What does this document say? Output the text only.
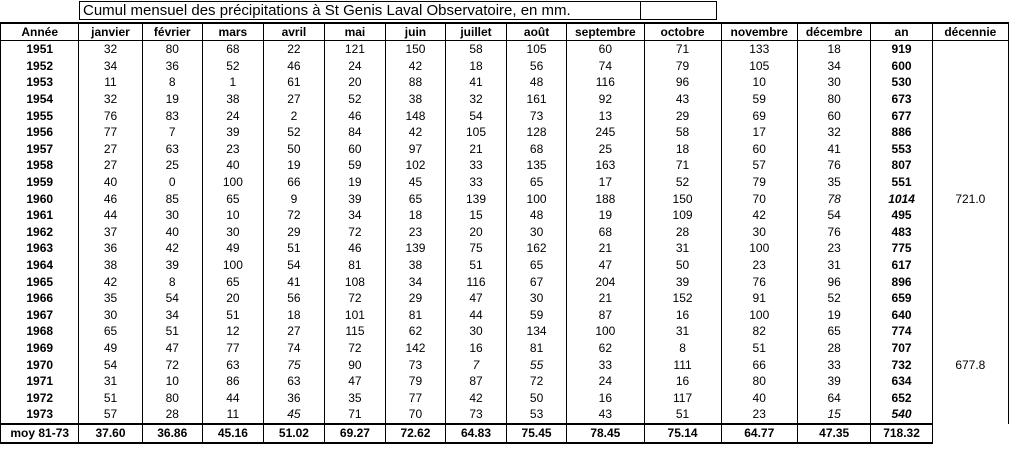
Cumul mensuel des précipitations à St Genis Laval Observatoire, en mm.
Année	janvier	février	mars	avril	mai	juin	juillet	août	septembre	octobre	novembre	décembre	an	décennie
1951	32	80	68	22	121	150	58	105	60	71	133	18	919	
1952	34	36	52	46	24	42	18	56	74	79	105	34	600	
1953	11	8	1	61	20	88	41	48	116	96	10	30	530	
1954	32	19	38	27	52	38	32	161	92	43	59	80	673	
1955	76	83	24	2	46	148	54	73	13	29	69	60	677	
1956	77	7	39	52	84	42	105	128	245	58	17	32	886	
1957	27	63	23	50	60	97	21	68	25	18	60	41	553	
1958	27	25	40	19	59	102	33	135	163	71	57	76	807	
1959	40	0	100	66	19	45	33	65	17	52	79	35	551	
1960	46	85	65	9	39	65	139	100	188	150	70	78	1014	721.0
1961	44	30	10	72	34	18	15	48	19	109	42	54	495	
1962	37	40	30	29	72	23	20	30	68	28	30	76	483	
1963	36	42	49	51	46	139	75	162	21	31	100	23	775	
1964	38	39	100	54	81	38	51	65	47	50	23	31	617	
1965	42	8	65	41	108	34	116	67	204	39	76	96	896	
1966	35	54	20	56	72	29	47	30	21	152	91	52	659	
1967	30	34	51	18	101	81	44	59	87	16	100	19	640	
1968	65	51	12	27	115	62	30	134	100	31	82	65	774	
1969	49	47	77	74	72	142	16	81	62	8	51	28	707	
1970	54	72	63	75	90	73	7	55	33	111	66	33	732	677.8
1971	31	10	86	63	47	79	87	72	24	16	80	39	634	
1972	51	80	44	36	35	77	42	50	16	117	40	64	652	
1973	57	28	11	45	71	70	73	53	43	51	23	15	540	
moy 81-73	37.60	36.86	45.16	51.02	69.27	72.62	64.83	75.45	78.45	75.14	64.77	47.35	718.32	
